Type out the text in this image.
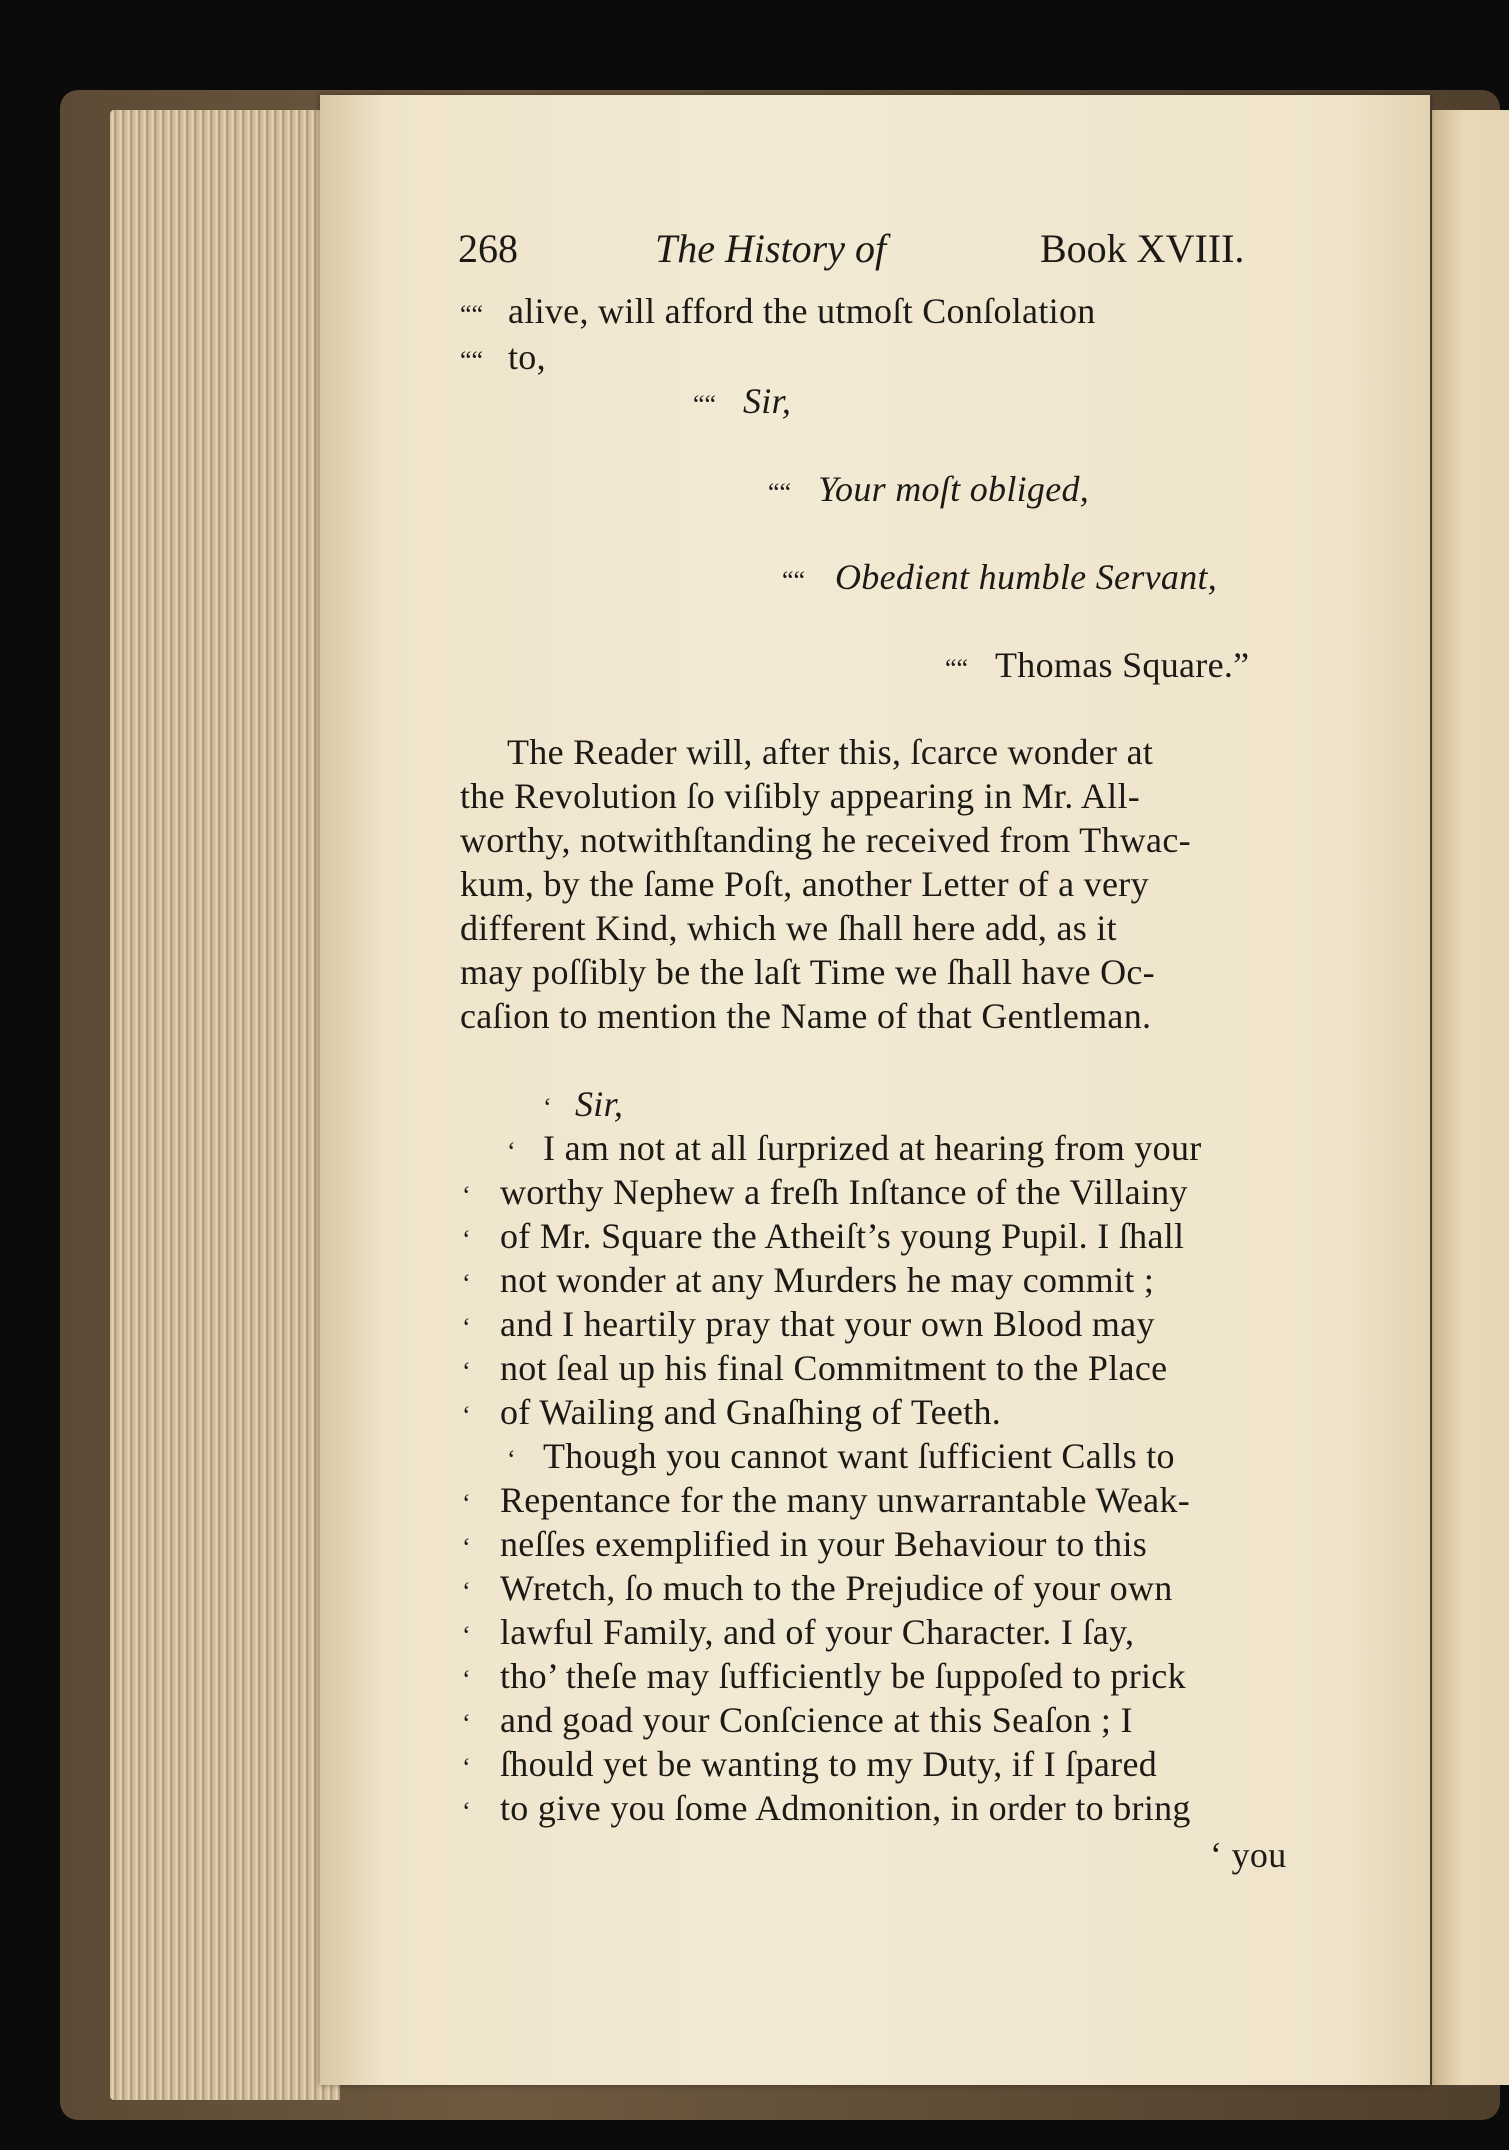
268	The History of	Book XVIII.
““ alive, will afford the utmoſt Conſolation
““ to,
““ Sir,
““ Your moſt obliged,
““ Obedient humble Servant,
““ Thomas Square.”
The Reader will, after this, ſcarce wonder at
the Revolution ſo viſibly appearing in Mr. All-
worthy, notwithſtanding he received from Thwac-
kum, by the ſame Poſt, another Letter of a very
different Kind, which we ſhall here add, as it
may poſſibly be the laſt Time we ſhall have Oc-
caſion to mention the Name of that Gentleman.
‘ Sir,
‘ I am not at all ſurprized at hearing from your
‘ worthy Nephew a freſh Inſtance of the Villainy
‘ of Mr. Square the Atheiſt’s young Pupil. I ſhall
‘ not wonder at any Murders he may commit ;
‘ and I heartily pray that your own Blood may
‘ not ſeal up his final Commitment to the Place
‘ of Wailing and Gnaſhing of Teeth.
‘ Though you cannot want ſufficient Calls to
‘ Repentance for the many unwarrantable Weak-
‘ neſſes exemplified in your Behaviour to this
‘ Wretch, ſo much to the Prejudice of your own
‘ lawful Family, and of your Character. I ſay,
‘ tho’ theſe may ſufficiently be ſuppoſed to prick
‘ and goad your Conſcience at this Seaſon ; I
‘ ſhould yet be wanting to my Duty, if I ſpared
‘ to give you ſome Admonition, in order to bring
‘ you
